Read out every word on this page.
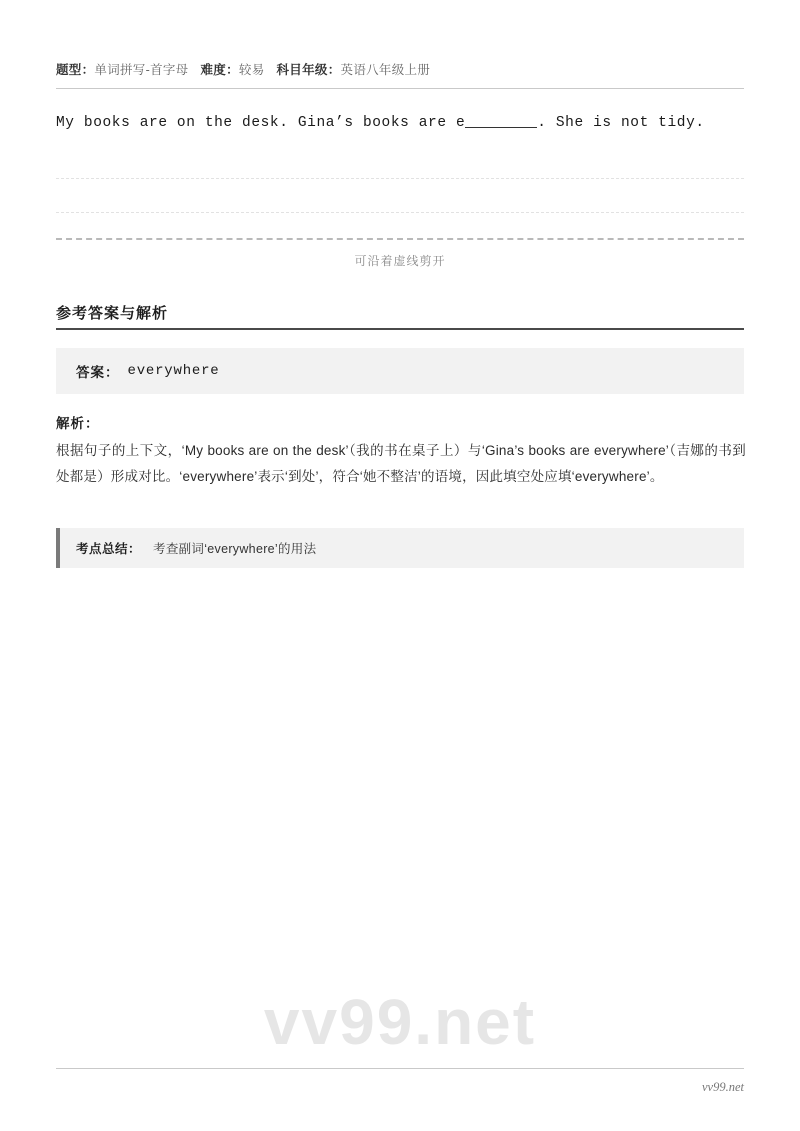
题型：单词拼写-首字母 难度：较易 科目年级：英语八年级上册
My books are on the desk. Gina’s books are e	. She is not tidy.
可沿着虚线剪开
参考答案与解析
答案： everywhere
解析：
根据句子的上下文，‘My books are on the desk’（我的书在桌子上）与‘Gina’s books are everywhere’（吉娜的书到处都是）形成对比。‘everywhere’表示‘到处’，符合‘她不整洁’的语境，因此填空处应填‘everywhere’。
考点总结： 考查副词‘everywhere’的用法
vv99.net
vv99.net
